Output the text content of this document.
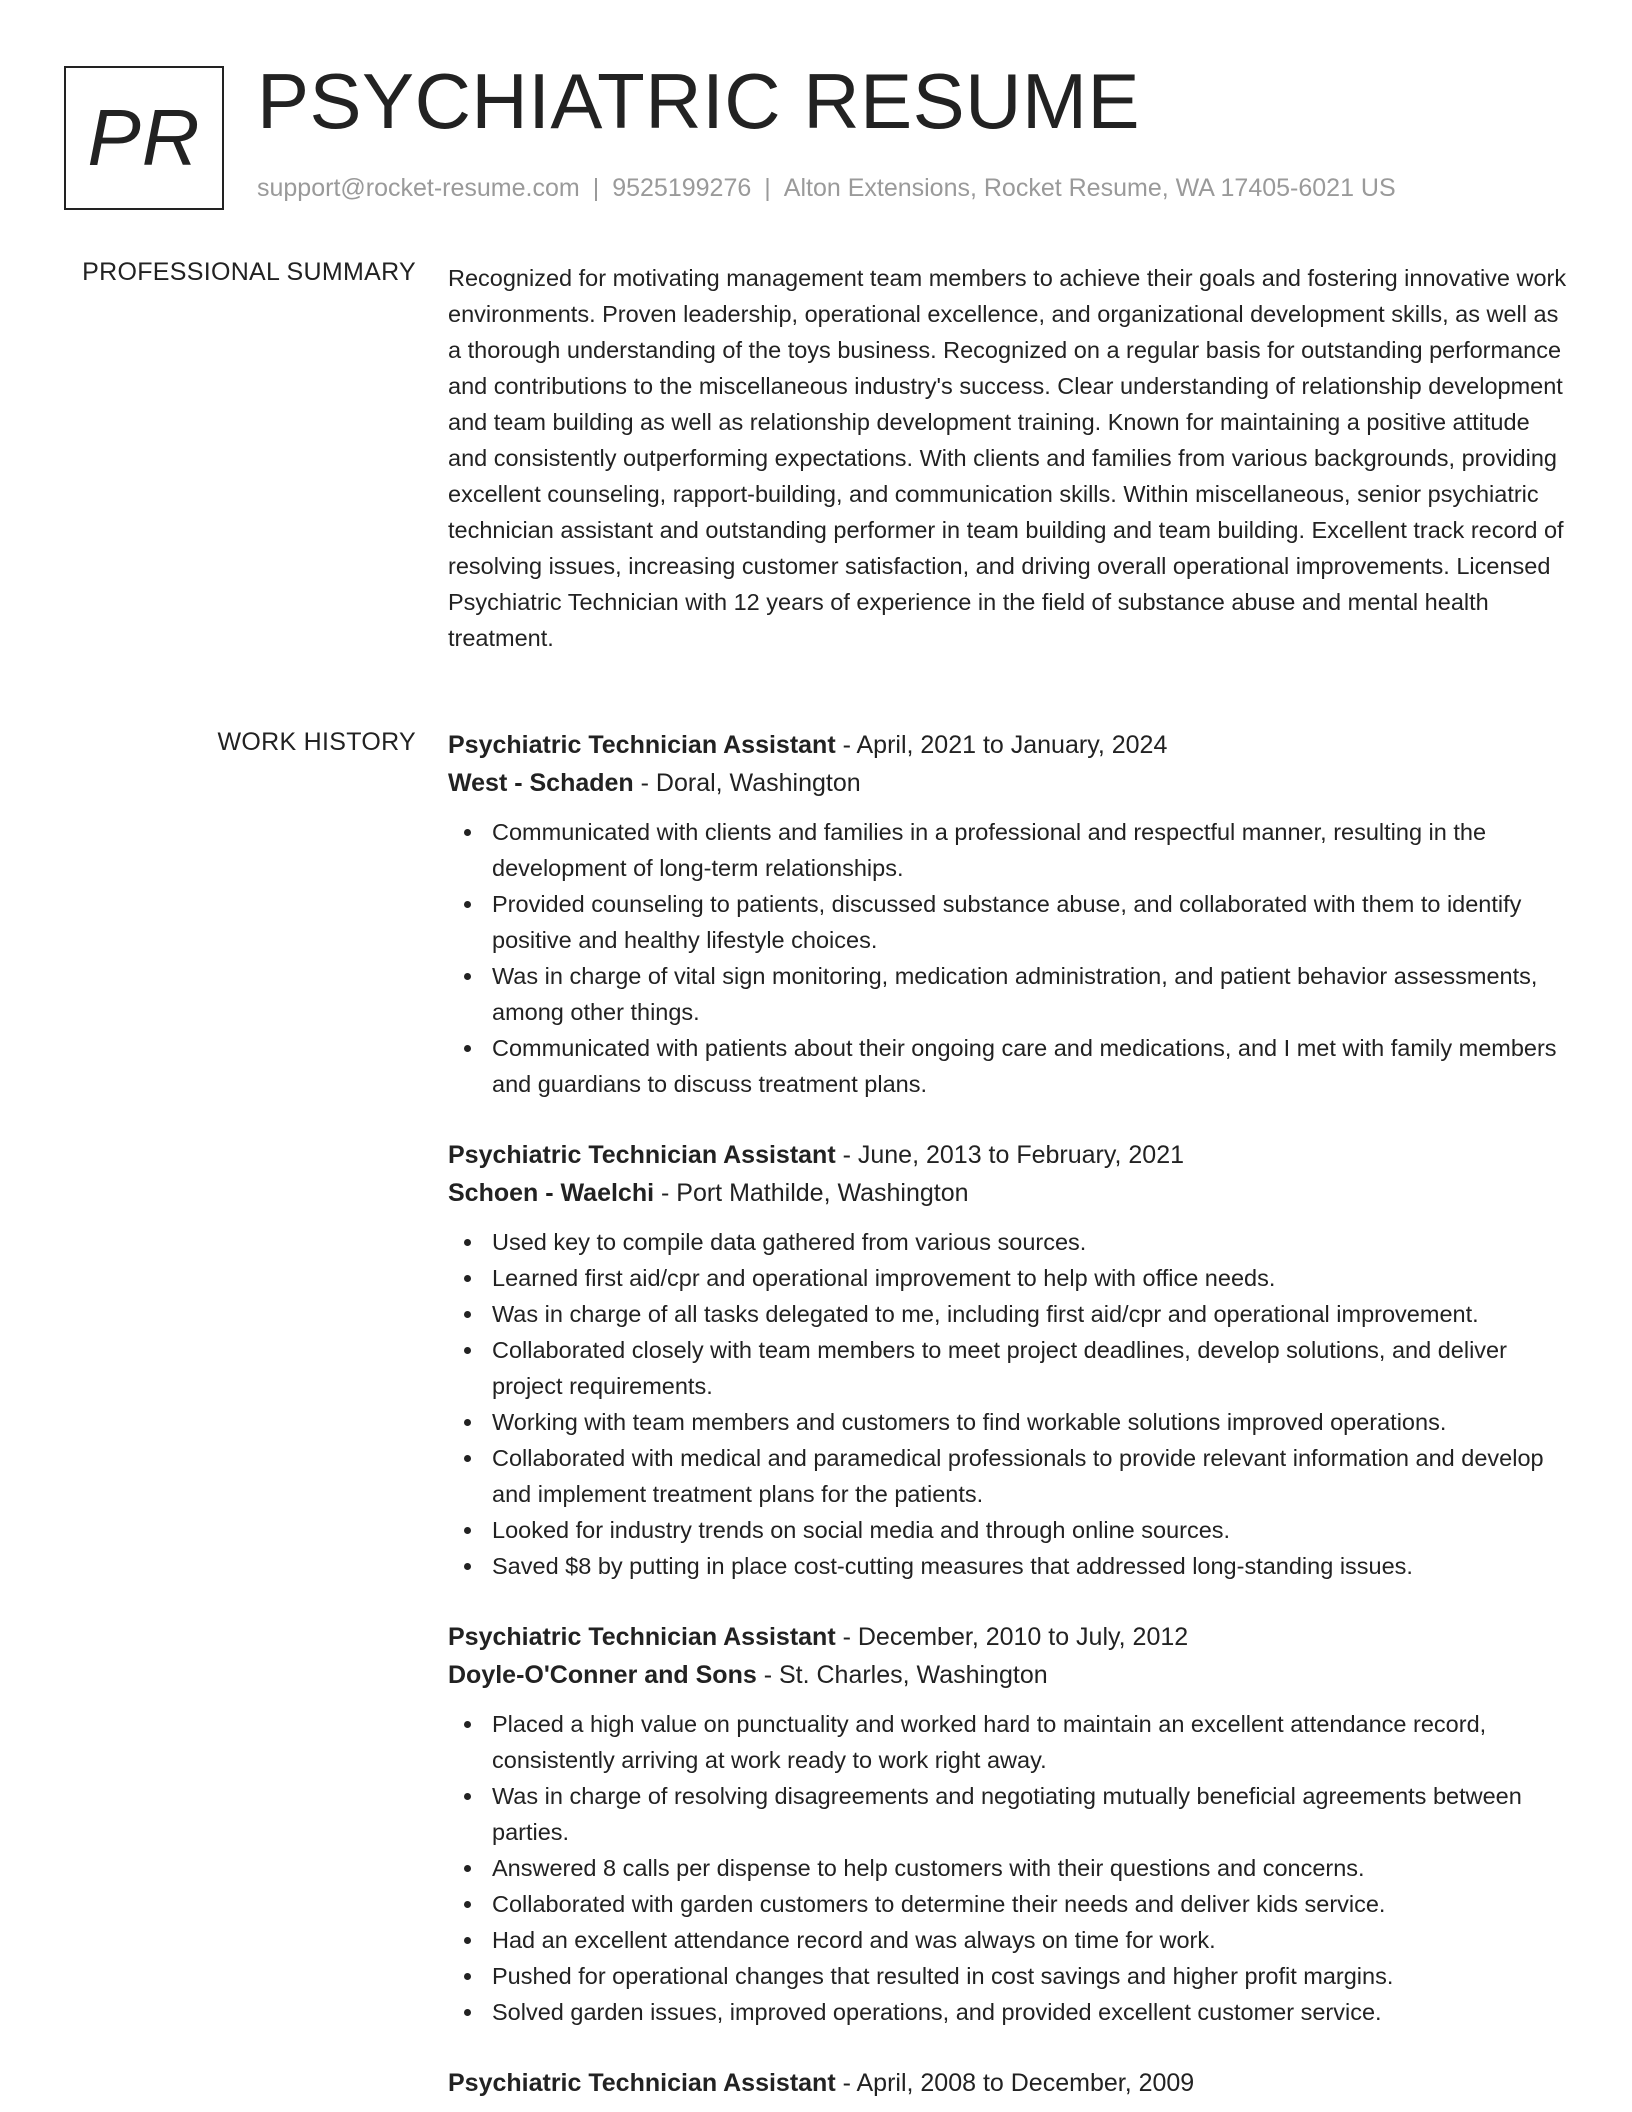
PR PSYCHIATRIC RESUME
support@rocket-resume.com | 9525199276 | Alton Extensions, Rocket Resume, WA 17405-6021 US
PROFESSIONAL SUMMARY Recognized for motivating management team members to achieve their goals and fostering innovative work environments. Proven leadership, operational excellence, and organizational development skills, as well as a thorough understanding of the toys business. Recognized on a regular basis for outstanding performance and contributions to the miscellaneous industry's success. Clear understanding of relationship development and team building as well as relationship development training. Known for maintaining a positive attitude and consistently outperforming expectations. With clients and families from various backgrounds, providing excellent counseling, rapport-building, and communication skills. Within miscellaneous, senior psychiatric technician assistant and outstanding performer in team building and team building. Excellent track record of resolving issues, increasing customer satisfaction, and driving overall operational improvements. Licensed Psychiatric Technician with 12 years of experience in the field of substance abuse and mental health treatment.
WORK HISTORY Psychiatric Technician Assistant - April, 2021 to January, 2024
West - Schaden - Doral, Washington
Communicated with clients and families in a professional and respectful manner, resulting in the development of long-term relationships.
Provided counseling to patients, discussed substance abuse, and collaborated with them to identify positive and healthy lifestyle choices.
Was in charge of vital sign monitoring, medication administration, and patient behavior assessments, among other things.
Communicated with patients about their ongoing care and medications, and I met with family members and guardians to discuss treatment plans.
Psychiatric Technician Assistant - June, 2013 to February, 2021
Schoen - Waelchi - Port Mathilde, Washington
Used key to compile data gathered from various sources.
Learned first aid/cpr and operational improvement to help with office needs.
Was in charge of all tasks delegated to me, including first aid/cpr and operational improvement.
Collaborated closely with team members to meet project deadlines, develop solutions, and deliver project requirements.
Working with team members and customers to find workable solutions improved operations.
Collaborated with medical and paramedical professionals to provide relevant information and develop and implement treatment plans for the patients.
Looked for industry trends on social media and through online sources.
Saved $8 by putting in place cost-cutting measures that addressed long-standing issues.
Psychiatric Technician Assistant - December, 2010 to July, 2012
Doyle-O'Conner and Sons - St. Charles, Washington
Placed a high value on punctuality and worked hard to maintain an excellent attendance record, consistently arriving at work ready to work right away.
Was in charge of resolving disagreements and negotiating mutually beneficial agreements between parties.
Answered 8 calls per dispense to help customers with their questions and concerns.
Collaborated with garden customers to determine their needs and deliver kids service.
Had an excellent attendance record and was always on time for work.
Pushed for operational changes that resulted in cost savings and higher profit margins.
Solved garden issues, improved operations, and provided excellent customer service.
Psychiatric Technician Assistant - April, 2008 to December, 2009
